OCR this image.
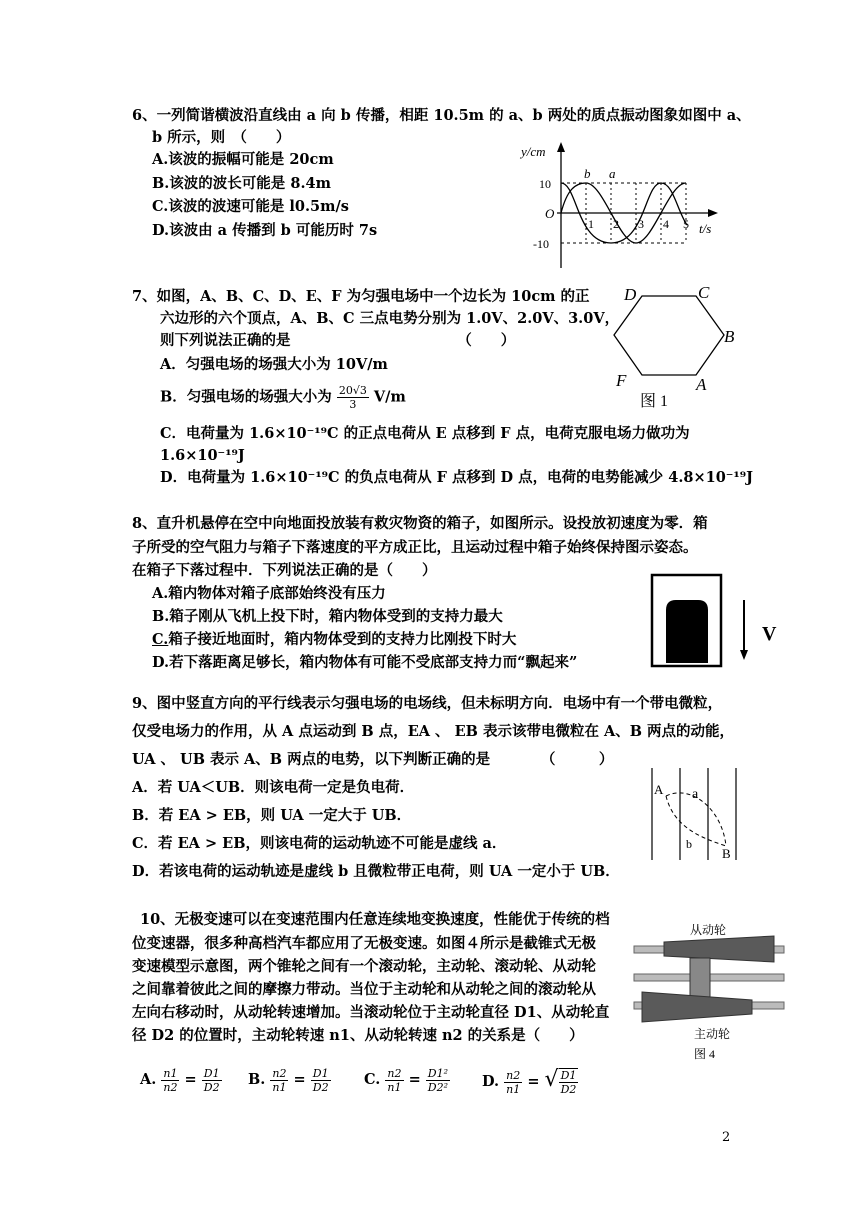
6、一列简谐横波沿直线由 a 向 b 传播，相距 10.5m 的 a、b 两处的质点振动图象如图中 a、
b 所示，则　（　　）
A.该波的振幅可能是 20cm
B.该波的波长可能是 8.4m
C.该波的波速可能是 l0.5m/s
D.该波由 a 传播到 b 可能历时 7s
y/cm
t/s
O
10
-10
1 2 3 4 5
b a
7、如图，A、B、C、D、E、F 为匀强电场中一个边长为 10cm 的正
六边形的六个顶点，A、B、C 三点电势分别为 1.0V、2.0V、3.0V，
则下列说法正确的是　　　　　　　　　　　　（　　）
A．匀强电场的场强大小为 10V/m
B．匀强电场的场强大小为 $\frac{20√3}{3} V/m$
C．电荷量为 1.6×10⁻¹⁹C 的正点电荷从 E 点移到 F 点，电荷克服电场力做功为
1.6×10⁻¹⁹J
D．电荷量为 1.6×10⁻¹⁹C 的负点电荷从 F 点移到 D 点，电荷的电势能减少 4.8×10⁻¹⁹J
D	C
B
A
F
图 1
8、直升机悬停在空中向地面投放装有救灾物资的箱子，如图所示。设投放初速度为零．箱
子所受的空气阻力与箱子下落速度的平方成正比，且运动过程中箱子始终保持图示姿态。
在箱子下落过程中．下列说法正确的是（　　）
A.箱内物体对箱子底部始终没有压力
B.箱子刚从飞机上投下时，箱内物体受到的支持力最大
C.箱子接近地面时，箱内物体受到的支持力比刚投下时大
D.若下落距离足够长，箱内物体有可能不受底部支持力而“飘起来”
V
9、图中竖直方向的平行线表示匀强电场的电场线，但未标明方向．电场中有一个带电微粒，
仅受电场力的作用，从 A 点运动到 B 点，EA 、 EB 表示该带电微粒在 A、B 两点的动能，
UA 、 UB 表示 A、B 两点的电势，以下判断正确的是　　　　（　　　）
A．若 UA＜UB．则该电荷一定是负电荷．
B．若 EA > EB，则 UA 一定大于 UB．
C．若 EA > EB，则该电荷的运动轨迹不可能是虚线 a．
D．若该电荷的运动轨迹是虚线 b 且微粒带正电荷，则 UA 一定小于 UB．
A a
b
B
10、无极变速可以在变速范围内任意连续地变换速度，性能优于传统的档
位变速器，很多种高档汽车都应用了无极变速。如图４所示是截锥式无极
变速模型示意图，两个锥轮之间有一个滚动轮，主动轮、滚动轮、从动轮
之间靠着彼此之间的摩擦力带动。当位于主动轮和从动轮之间的滚动轮从
左向右移动时，从动轮转速增加。当滚动轮位于主动轮直径 D1、从动轮直
径 D2 的位置时，主动轮转速 n1、从动轮转速 n2 的关系是（　　）
从动轮
主动轮
图 4
A. $\frac{n1}{n2} = \frac{D1}{D2} B$. $\frac{n2}{n1} = \frac{D1}{D2} C$. $\frac{n2}{n1} = \frac{\text{D1²}}{\text{D2²}} D$. $\frac{n2}{n1}$ = √ $\frac{D1}{D2}$
2
